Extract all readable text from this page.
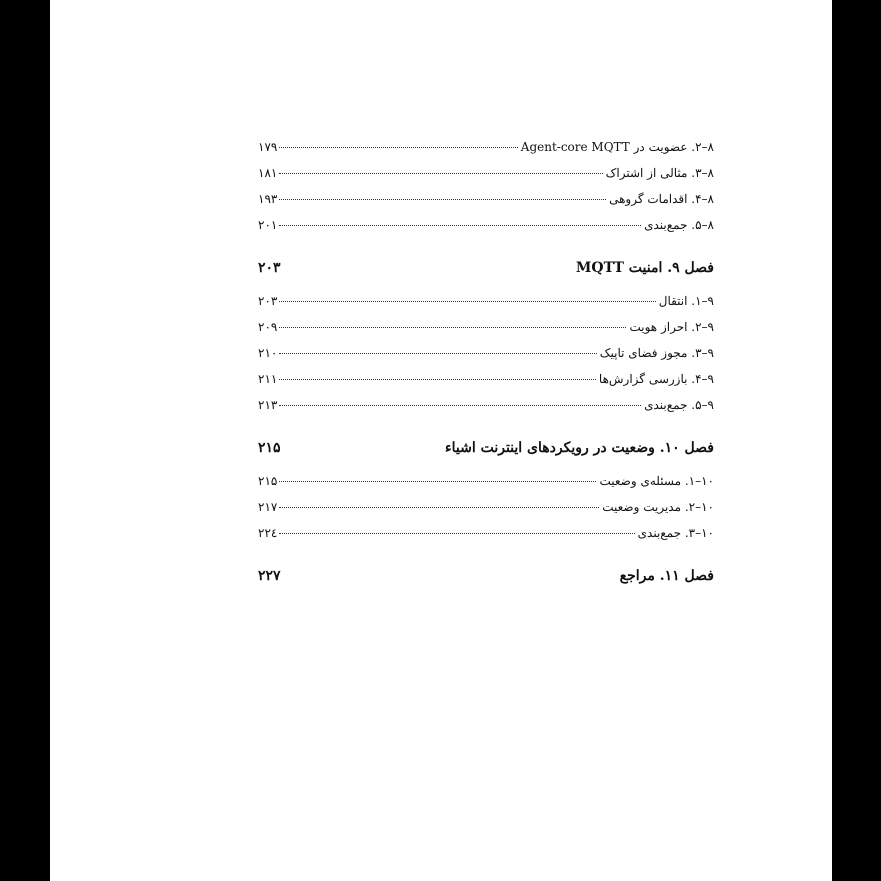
۸–۲. عضویت در Agent-core MQTT
۱۷۹
۸–۳. مثالی از اشتراک
۱۸۱
۸–۴. اقدامات گروهی
۱۹۳
۸–۵. جمع‌بندی
۲۰۱
فصل ۹. امنیت MQTT
۲۰۳
۹–۱. انتقال
۲۰۳
۹–۲. احراز هویت
۲۰۹
۹–۳. مجوز فضای تاپیک
۲۱۰
۹–۴. بازرسی گزارش‌ها
۲۱۱
۹–۵. جمع‌بندی
۲۱۳
فصل ۱۰. وضعیت در رویکردهای اینترنت اشیاء
۲۱۵
۱۰–۱. مسئله‌ی وضعیت
۲۱۵
۱۰–۲. مدیریت وضعیت
۲۱۷
۱۰–۳. جمع‌بندی
۲۲٤
فصل ۱۱. مراجع
۲۲۷
